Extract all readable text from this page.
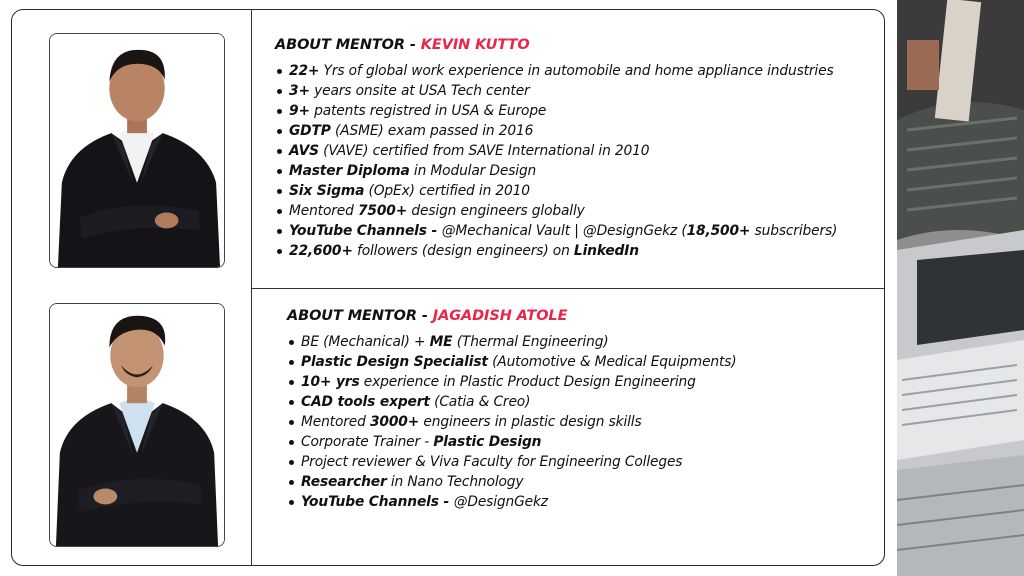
ABOUT MENTOR - KEVIN KUTTO
22+ Yrs of global work experience in automobile and home appliance industries
3+ years onsite at USA Tech center
9+ patents registred in USA & Europe
GDTP (ASME) exam passed in 2016
AVS (VAVE) certified from SAVE International in 2010
Master Diploma in Modular Design
Six Sigma (OpEx) certified in 2010
Mentored 7500+ design engineers globally
YouTube Channels - @Mechanical Vault | @DesignGekz (18,500+ subscribers)
22,600+ followers (design engineers) on LinkedIn
ABOUT MENTOR - JAGADISH ATOLE
BE (Mechanical) + ME (Thermal Engineering)
Plastic Design Specialist (Automotive & Medical Equipments)
10+ yrs experience in Plastic Product Design Engineering
CAD tools expert (Catia & Creo)
Mentored 3000+ engineers in plastic design skills
Corporate Trainer - Plastic Design
Project reviewer & Viva Faculty for Engineering Colleges
Researcher in Nano Technology
YouTube Channels - @DesignGekz
